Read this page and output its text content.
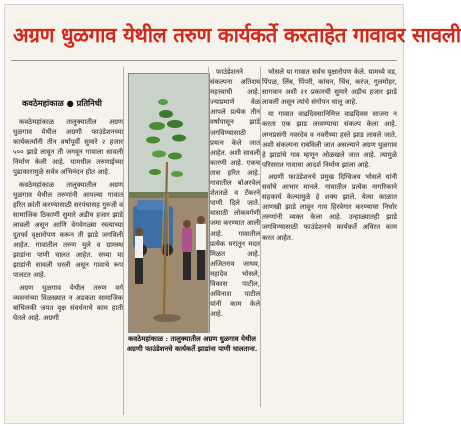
अग्रण धुळगाव येथील तरुण कार्यकर्ते करताहेत गावावर सावली

कवठेमहांकाळ तालुक्यातील अग्रण धुळगाव येथील अग्रणी फाउंडेशनच्या कार्यकर्त्यांनी तीन वर्षांपूर्वी सुमारे २ हजार ५०० झाडे लावून ती जगवून गावाला सावली निर्माण केली आहे. यामधील तरुणाईच्या पुढाकारामुळे सर्वत्र अभिनंदन होत आहे.

कवठेमहांकाळ तालुक्यातील अग्रण धुळगाव येथील तरुणांनी आपल्या गावात हरित क्रांती करण्यासाठी सरपंचासह गुरुजी व सामाजिक ठिकाणी सुमारे अडीच हजार झाडे लावली असून आणि वेगवेगळ्या रस्त्याच्या दुतर्फा वृक्षारोपण करून ती झाडे जगविली आहेत. गावातील तरुण मुले व ग्रामस्थ झाडांना पाणी घालत आहेत. सध्या या झाडांनी सावली धरली असून गावाचे रूप पालटत आहे.

अग्रण धुळगाव येथील तरुण वर्ग व्यसनांच्या विळख्यात न अडकता सामाजिक बांधिलकी जपत वृक्ष संवर्धनाचे काम हाती घेतले आहे. अग्रणी

फाउंडेशनने संकल्पना अतिशय महत्त्वाची आहे. ज्याप्रमाणे वेळ आपले प्रत्येक तीन वर्षांपासून झाडे जगविण्यासाठी प्रयत्न केले जात आहेत. अशी सावली कारणी आहे. एकच तास हरित आहे. गावातील बोअरवेल शेततळे व टँकरने पाणी दिले जाते. यासाठी लोकवर्गणी जमा करण्यात आली आहे. गावातील प्रत्येक घरातून मदत मिळत आहे. अजितराव जाधव, महादेव भोसले, विकास पाटील, अविनाश पाटील यांनी काम केले आहे.

भोसले या गावात सर्वच वृक्षारोपण केले. यामध्ये वड, पिंपळ, लिंब, पिंपरी, कांचन, चिंच, करंज, गुलमोहर, सागवान अशी २१ प्रकारची सुमारे अडीच हजार झाडे लावली असून त्यांचे संगोपन चालू आहे.

या गावात वाढदिवसानिमित्त वाढदिवस साजरा न करता एक झाड लावण्याचा संकल्प केला आहे. लग्नप्रसंगी नवरदेव व नवरीच्या हस्ते झाड लावले जाते. अशी संकल्पना राबविली जात असल्याने अग्रण धुळगाव हे झाडांचे गाव म्हणून ओळखले जात आहे. त्यामुळे परिसरात गावाचा आदर्श निर्माण झाला आहे.

अग्रणी फाउंडेशनचे प्रमुख दिग्विजय भोसले यांनी सर्वांचे आभार मानले. गावातील प्रत्येक नागरिकाने सहकार्य केल्यामुळे हे शक्य झाले. येत्या काळात आणखी झाडे लावून गाव हिरवेगार करण्याचा निर्धार तरुणांनी व्यक्त केला आहे. उन्हाळ्यातही झाडे जगविण्यासाठी फाउंडेशनचे कार्यकर्ते अविरत काम करत आहेत.

कवठेमहांकाळ : तालुक्यातील अग्रण धुळगाव येथील अग्रणी फाउंडेशनचे कार्यकर्ते झाडांना पाणी घालताना.

कवठेमहांकाळ ● प्रतिनिधी
